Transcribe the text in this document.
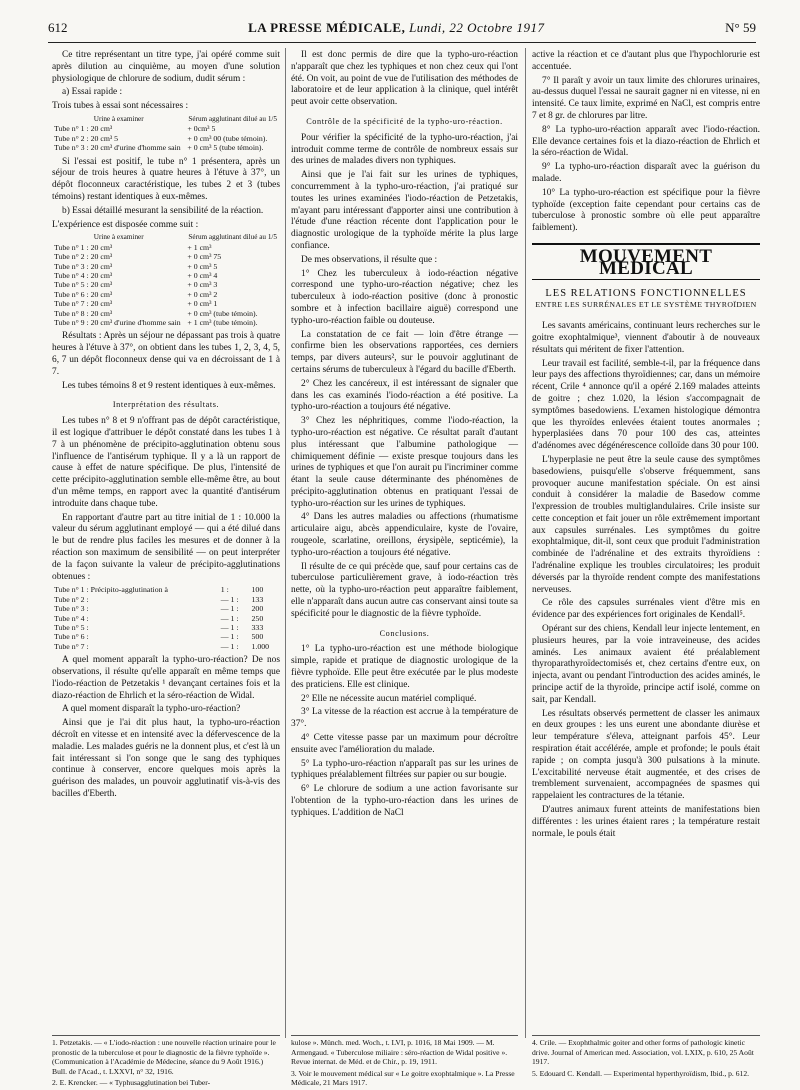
612	LA PRESSE MÉDICALE, Lundi, 22 Octobre 1917	N° 59

Ce titre représentant un titre type, j'ai opéré comme suit après dilution au cinquième, au moyen d'une solution physiologique de chlorure de sodium, dudit sérum :

a) Essai rapide :

Trois tubes à essai sont nécessaires :

Urine à examiner	Sérum agglutinant dilué au 1/5
Tube n° 1 : 20 cm³	+ 0cm³ 5
Tube n° 2 : 20 cm³ 5	+ 0 cm³ 00 (tube témoin).
Tube n° 3 : 20 cm³ d'urine d'homme sain	+ 0 cm³ 5 (tube témoin).

Si l'essai est positif, le tube n° 1 présentera, après un séjour de trois heures à quatre heures à l'étuve à 37°, un dépôt floconneux caractéristique, les tubes 2 et 3 (tubes témoins) restant identiques à eux-mêmes.

b) Essai détaillé mesurant la sensibilité de la réaction.

L'expérience est disposée comme suit :

Urine à examiner	Sérum agglutinant dilué au 1/5
Tube n° 1 : 20 cm³	+ 1 cm³
Tube n° 2 : 20 cm³	+ 0 cm³ 75
Tube n° 3 : 20 cm³	+ 0 cm³ 5
Tube n° 4 : 20 cm³	+ 0 cm³ 4
Tube n° 5 : 20 cm³	+ 0 cm³ 3
Tube n° 6 : 20 cm³	+ 0 cm³ 2
Tube n° 7 : 20 cm³	+ 0 cm³ 1
Tube n° 8 : 20 cm³	+ 0 cm³ (tube témoin).
Tube n° 9 : 20 cm³ d'urine d'homme sain	+ 1 cm³ (tube témoin).

Résultats : Après un séjour ne dépassant pas trois à quatre heures à l'étuve à 37°, on obtient dans les tubes 1, 2, 3, 4, 5, 6, 7 un dépôt floconneux dense qui va en décroissant de 1 à 7.

Les tubes témoins 8 et 9 restent identiques à eux-mêmes.

Interprétation des résultats.

Les tubes n° 8 et 9 n'offrant pas de dépôt caractéristique, il est logique d'attribuer le dépôt constaté dans les tubes 1 à 7 à un phénomène de précipito-agglutination obtenu sous l'influence de l'antisérum typhique. Il y a là un rapport de cause à effet de nature spécifique. De plus, l'intensité de cette précipito-agglutination semble elle-même être, au bout d'un même temps, en rapport avec la quantité d'antisérum introduite dans chaque tube.

En rapportant d'autre part au titre initial de 1 : 10.000 la valeur du sérum agglutinant employé — qui a été dilué dans le but de rendre plus faciles les mesures et de donner à la réaction son maximum de sensibilité — on peut interpréter de la façon suivante la valeur de précipito-agglutinations obtenues :

Tube n° 1 : Précipito-agglutination à	1 :	100
Tube n° 2 :	— 1 :	133
Tube n° 3 :	— 1 :	200
Tube n° 4 :	— 1 :	250
Tube n° 5 :	— 1 :	333
Tube n° 6 :	— 1 :	500
Tube n° 7 :	— 1 :	1.000

A quel moment apparaît la typho-uro-réaction? De nos observations, il résulte qu'elle apparaît en même temps que l'iodo-réaction de Petzetakis ¹ devançant certaines fois et la diazo-réaction de Ehrlich et la séro-réaction de Widal.

A quel moment disparaît la typho-uro-réaction?

Ainsi que je l'ai dit plus haut, la typho-uro-réaction décroît en vitesse et en intensité avec la défervescence de la maladie. Les malades guéris ne la donnent plus, et c'est là un fait intéressant si l'on songe que le sang des typhiques continue à conserver, encore quelques mois après la guérison des malades, un pouvoir agglutinatif vis-à-vis des bacilles d'Eberth.

Il est donc permis de dire que la typho-uro-réaction n'apparaît que chez les typhiques et non chez ceux qui l'ont été. On voit, au point de vue de l'utilisation des méthodes de laboratoire et de leur application à la clinique, quel intérêt peut avoir cette observation.

Contrôle de la spécificité de la typho-uro-réaction.

Pour vérifier la spécificité de la typho-uro-réaction, j'ai introduit comme terme de contrôle de nombreux essais sur des urines de malades divers non typhiques.

Ainsi que je l'ai fait sur les urines de typhiques, concurremment à la typho-uro-réaction, j'ai pratiqué sur toutes les urines examinées l'iodo-réaction de Petzetakis, m'ayant paru intéressant d'apporter ainsi une contribution à l'étude d'une réaction récente dont l'application pour le diagnostic urologique de la typhoïde mérite la plus large confiance.

De mes observations, il résulte que :

1° Chez les tuberculeux à iodo-réaction négative correspond une typho-uro-réaction négative; chez les tuberculeux à iodo-réaction positive (donc à pronostic sombre et à infection bacillaire aiguë) correspond une typho-uro-réaction faible ou douteuse.

La constatation de ce fait — loin d'être étrange — confirme bien les observations rapportées, ces derniers temps, par divers auteurs², sur le pouvoir agglutinant de certains sérums de tuberculeux à l'égard du bacille d'Eberth.

2° Chez les cancéreux, il est intéressant de signaler que dans les cas examinés l'iodo-réaction a été positive. La typho-uro-réaction a toujours été négative.

3° Chez les néphritiques, comme l'iodo-réaction, la typho-uro-réaction est négative. Ce résultat paraît d'autant plus intéressant que l'albumine pathologique — chimiquement définie — existe presque toujours dans les urines de typhiques et que l'on aurait pu l'incriminer comme étant la seule cause déterminante des phénomènes de précipito-agglutination obtenus en pratiquant l'essai de typho-uro-réaction sur les urines de typhiques.

4° Dans les autres maladies ou affections (rhumatisme articulaire aigu, abcès appendiculaire, kyste de l'ovaire, rougeole, scarlatine, oreillons, érysipèle, septicémie), la typho-uro-réaction a toujours été négative.

Il résulte de ce qui précède que, sauf pour certains cas de tuberculose particulièrement grave, à iodo-réaction très nette, où la typho-uro-réaction peut apparaître faiblement, elle n'apparaît dans aucun autre cas conservant ainsi toute sa spécificité pour le diagnostic de la fièvre typhoïde.

Conclusions.

1° La typho-uro-réaction est une méthode biologique simple, rapide et pratique de diagnostic urologique de la fièvre typhoïde. Elle peut être exécutée par le plus modeste des praticiens. Elle est clinique.

2° Elle ne nécessite aucun matériel compliqué.

3° La vitesse de la réaction est accrue à la température de 37°.

4° Cette vitesse passe par un maximum pour décroître ensuite avec l'amélioration du malade.

5° La typho-uro-réaction n'apparaît pas sur les urines de typhiques préalablement filtrées sur papier ou sur bougie.

6° Le chlorure de sodium a une action favorisante sur l'obtention de la typho-uro-réaction dans les urines de typhiques. L'addition de NaCl

active la réaction et ce d'autant plus que l'hypochlorurie est accentuée.

7° Il paraît y avoir un taux limite des chlorures urinaires, au-dessus duquel l'essai ne saurait gagner ni en vitesse, ni en intensité. Ce taux limite, exprimé en NaCl, est compris entre 7 et 8 gr. de chlorures par litre.

8° La typho-uro-réaction apparaît avec l'iodo-réaction. Elle devance certaines fois et la diazo-réaction de Ehrlich et la séro-réaction de Widal.

9° La typho-uro-réaction disparaît avec la guérison du malade.

10° La typho-uro-réaction est spécifique pour la fièvre typhoïde (exception faite cependant pour certains cas de tuberculose à pronostic sombre où elle peut apparaître faiblement).

MOUVEMENT MÉDICAL
LES RELATIONS FONCTIONNELLES
ENTRE LES SURRÉNALES ET LE SYSTÈME THYROÏDIEN

Les savants américains, continuant leurs recherches sur le goitre exophtalmique³, viennent d'aboutir à de nouveaux résultats qui méritent de fixer l'attention.

Leur travail est facilité, semble-t-il, par la fréquence dans leur pays des affections thyroïdiennes; car, dans un mémoire récent, Crile ⁴ annonce qu'il a opéré 2.169 malades atteints de goitre ; chez 1.020, la lésion s'accompagnait de symptômes basedowiens. L'examen histologique démontra que les thyroïdes enlevées étaient toutes anormales ; hyperplasiées dans 70 pour 100 des cas, atteintes d'adénomes avec dégénérescence colloïde dans 30 pour 100.

L'hyperplasie ne peut être la seule cause des symptômes basedowiens, puisqu'elle s'observe fréquemment, sans provoquer aucune manifestation spéciale. On est ainsi conduit à considérer la maladie de Basedow comme l'expression de troubles multiglandulaires. Crile insiste sur cette conception et fait jouer un rôle extrêmement important aux capsules surrénales. Les symptômes du goitre exophtalmique, dit-il, sont ceux que produit l'administration combinée de l'adrénaline et des extraits thyroïdiens : l'adrénaline explique les troubles circulatoires; les produit déversés par la thyroïde rendent compte des manifestations nerveuses.

Ce rôle des capsules surrénales vient d'être mis en évidence par des expériences fort originales de Kendall⁵.

Opérant sur des chiens, Kendall leur injecte lentement, en plusieurs heures, par la voie intraveineuse, des acides aminés. Les animaux avaient été préalablement thyroparathyroïdectomisés et, chez certains d'entre eux, on injecta, avant ou pendant l'introduction des acides aminés, le principe actif de la thyroïde, principe actif isolé, comme on sait, par Kendall.

Les résultats observés permettent de classer les animaux en deux groupes : les uns eurent une abondante diurèse et leur température s'éleva, atteignant parfois 45°. Leur respiration était accélérée, ample et profonde; le pouls était rapide ; on compta jusqu'à 300 pulsations à la minute. L'excitabilité nerveuse était augmentée, et des crises de tremblement survenaient, accompagnées de spasmes qui rappelaient les contractures de la tétanie.

D'autres animaux furent atteints de manifestations bien différentes : les urines étaient rares ; la température restait normale, le pouls était

1. Petzetakis. — « L'iodo-réaction : une nouvelle réaction urinaire pour le pronostic de la tuberculose et pour le diagnostic de la fièvre typhoïde ». (Communication à l'Académie de Médecine, séance du 9 Août 1916.) Bull. de l'Acad., t. LXXVI, n° 32, 1916.

2. E. Krencker. — « Typhusagglutination bei Tuber-

kulose ». Münch. med. Woch., t. LVI, p. 1016, 18 Mai 1909. — M. Armengaud. « Tuberculose miliaire : séro-réaction de Widal positive ». Revue internat. de Méd. et de Chir., p. 19, 1911.

3. Voir le mouvement médical sur « Le goitre exophtalmique ». La Presse Médicale, 21 Mars 1917.

4. Crile. — Exophthalmic goiter and other forms of pathologic kinetic drive. Journal of American med. Association, vol. LXIX, p. 610, 25 Août 1917.

5. Edouard C. Kendall. — Experimental hyperthyroïdism, Ibid., p. 612.
